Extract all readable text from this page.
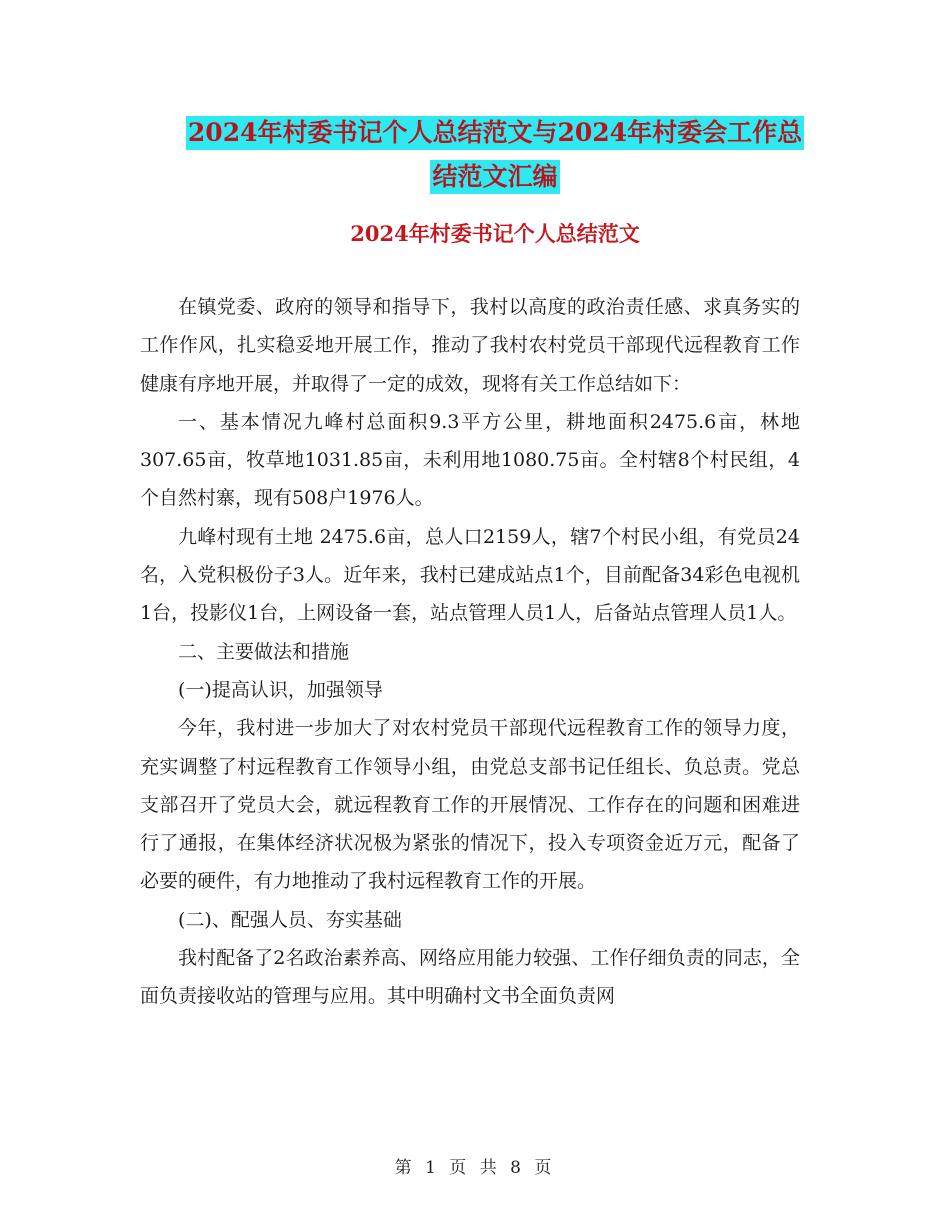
2024年村委书记个人总结范文与2024年村委会工作总
结范文汇编
2024年村委书记个人总结范文

在镇党委、政府的领导和指导下，我村以高度的政治责任感、求真务实的工作作风，扎实稳妥地开展工作，推动了我村农村党员干部现代远程教育工作健康有序地开展，并取得了一定的成效，现将有关工作总结如下：

一、基本情况九峰村总面积9.3平方公里，耕地面积2475.6亩，林地307.65亩，牧草地1031.85亩，未利用地1080.75亩。全村辖8个村民组，4个自然村寨，现有508户1976人。

九峰村现有土地 2475.6亩，总人口2159人，辖7个村民小组，有党员24名，入党积极份子3人。近年来，我村已建成站点1个，目前配备34彩色电视机1台，投影仪1台，上网设备一套，站点管理人员1人，后备站点管理人员1人。

二、主要做法和措施

(一)提高认识，加强领导

今年，我村进一步加大了对农村党员干部现代远程教育工作的领导力度，充实调整了村远程教育工作领导小组，由党总支部书记任组长、负总责。党总支部召开了党员大会，就远程教育工作的开展情况、工作存在的问题和困难进行了通报，在集体经济状况极为紧张的情况下，投入专项资金近万元，配备了必要的硬件，有力地推动了我村远程教育工作的开展。

(二)、配强人员、夯实基础

我村配备了2名政治素养高、网络应用能力较强、工作仔细负责的同志，全面负责接收站的管理与应用。其中明确村文书全面负责网

第 1 页 共 8 页
